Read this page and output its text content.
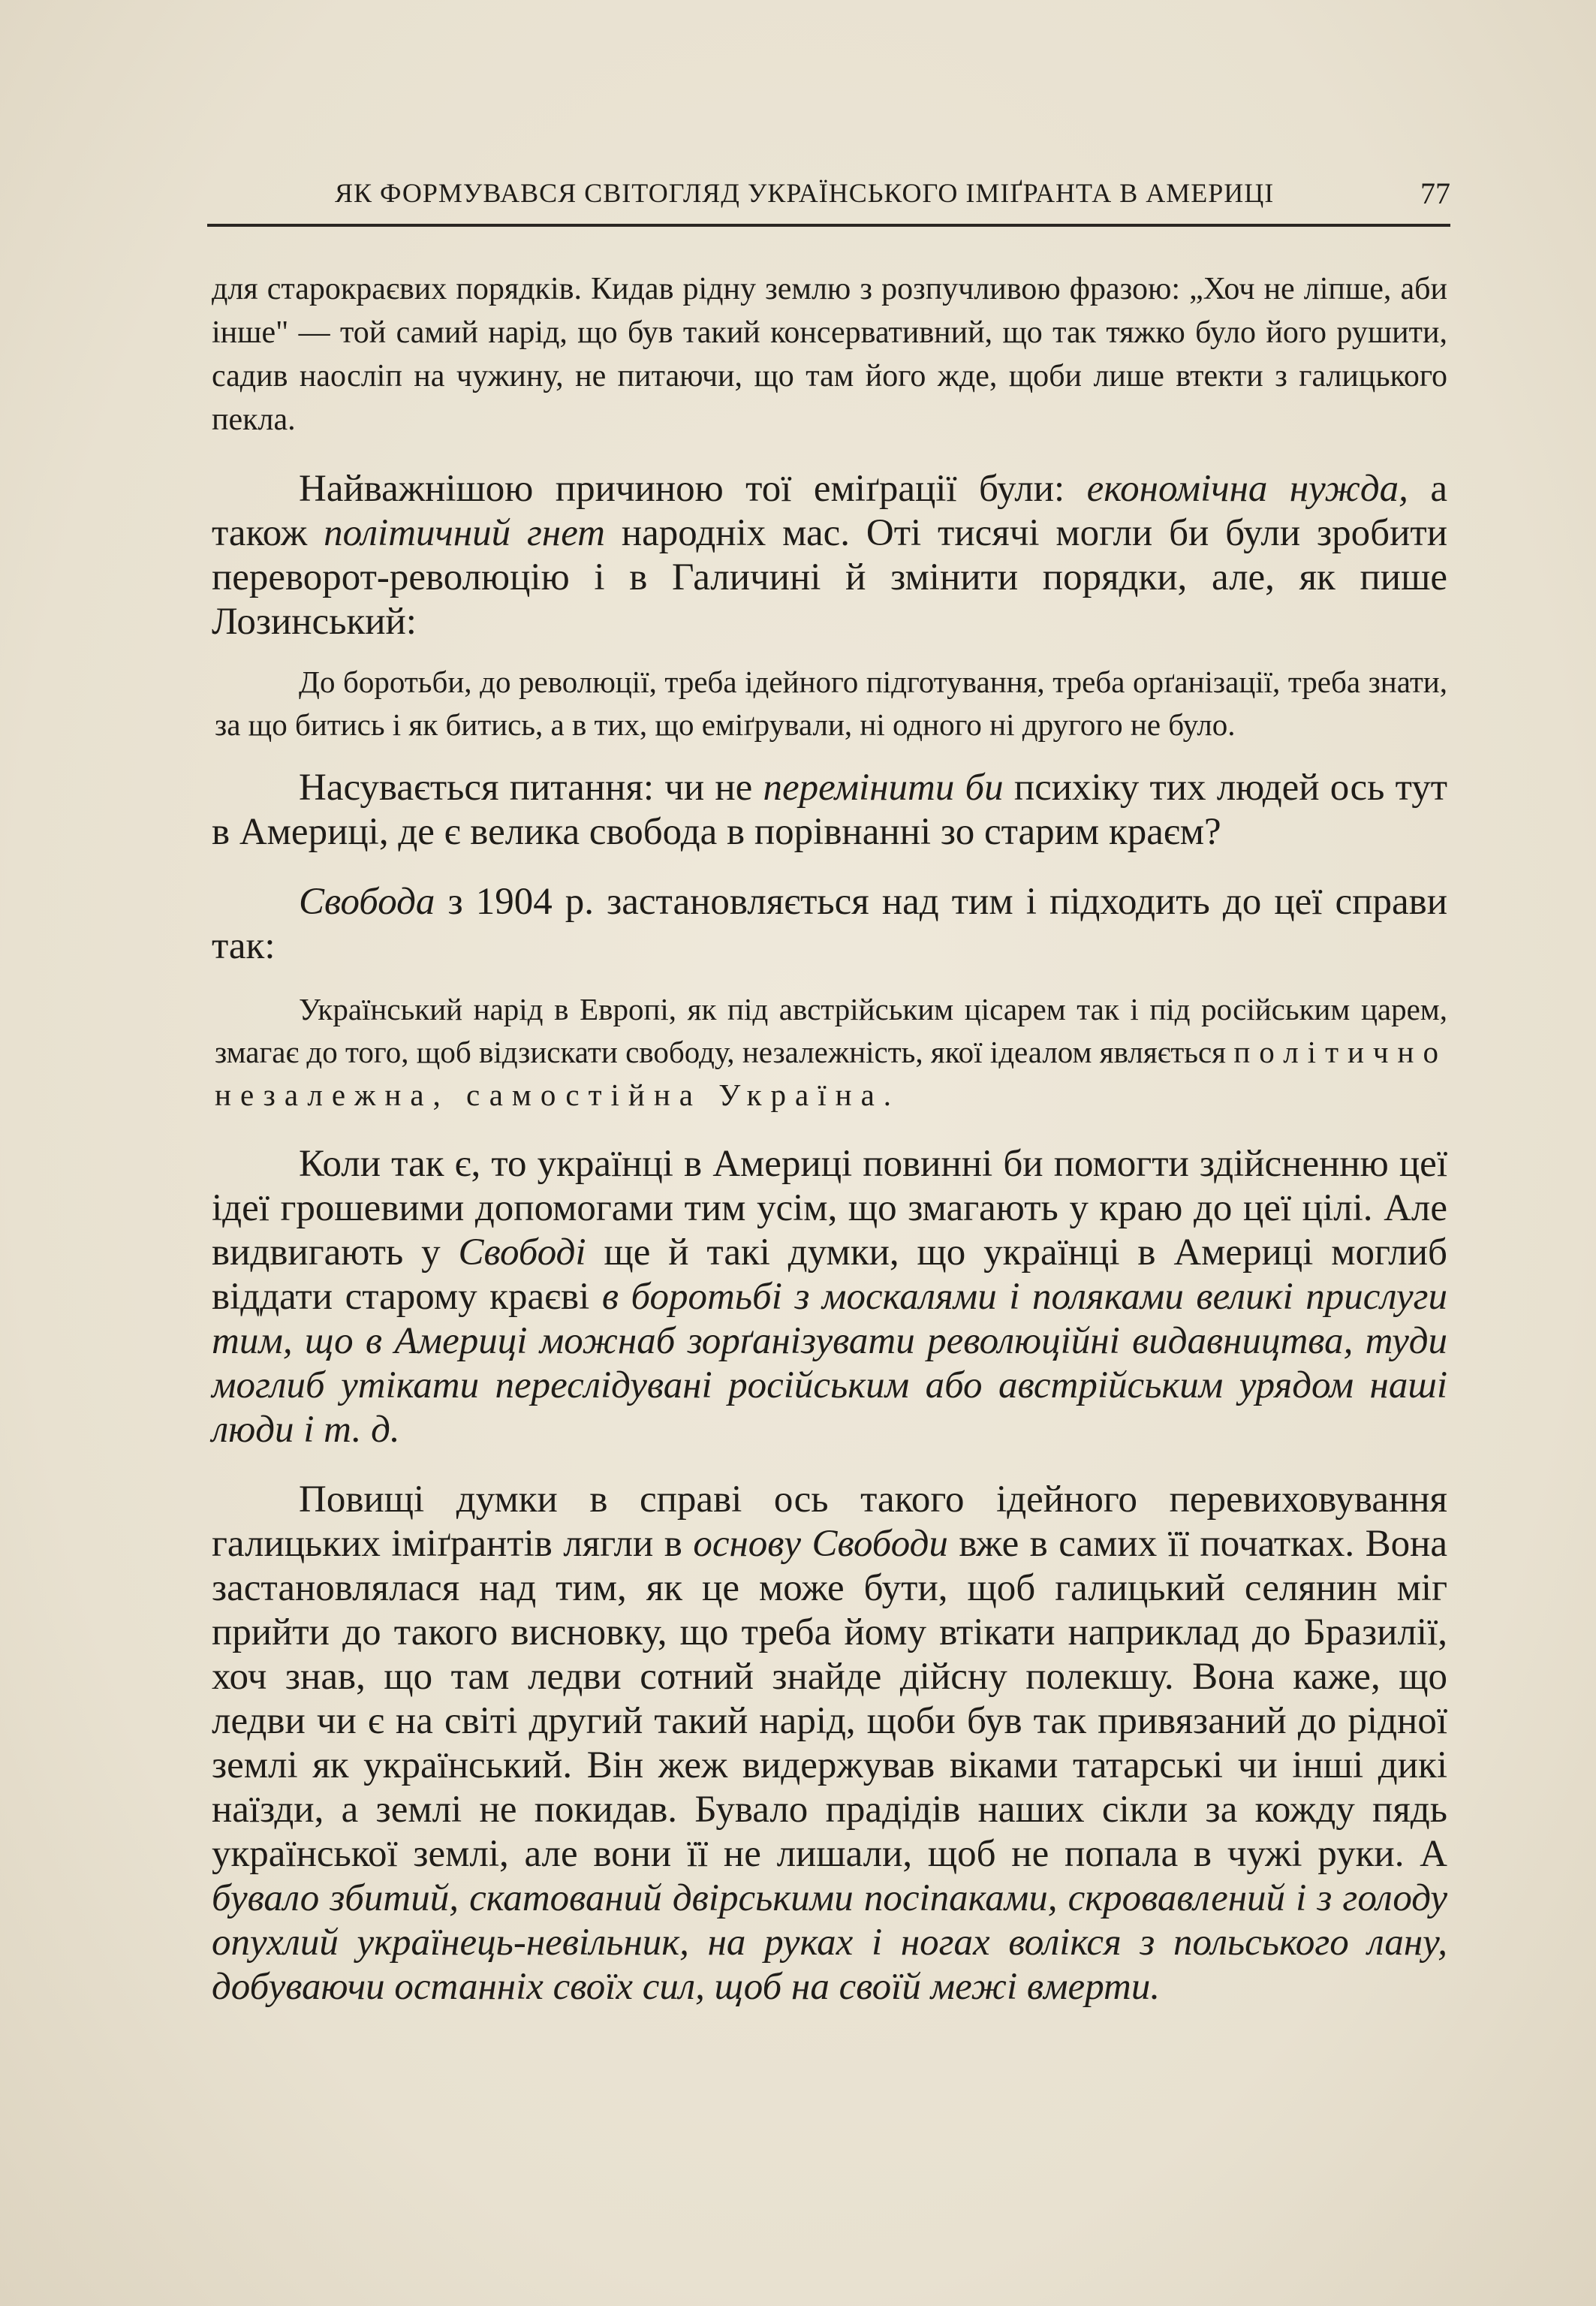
ЯК ФОРМУВАВСЯ СВІТОГЛЯД УКРАЇНСЬКОГО ІМІҐРАНТА В АМЕРИЦІ	77

для старокраєвих порядків. Кидав рідну землю з розпучливою фразою: „Хоч не ліпше, аби інше" — той самий нарід, що був такий консервативний, що так тяжко було його рушити, садив наосліп на чужину, не питаючи, що там його жде, щоби лише втекти з галицького пекла.

Найважнішою причиною тої еміґрації були: економічна нужда, а також політичний гнет народніх мас. Оті тисячі могли би були зробити переворот-революцію і в Галичині й змінити порядки, але, як пише Лозинський:

До боротьби, до революції, треба ідейного підготування, треба орґанізації, треба знати, за що битись і як битись, а в тих, що еміґрували, ні одного ні другого не було.

Насувається питання: чи не перемінити би психіку тих людей ось тут в Америці, де є велика свобода в порівнанні зо старим краєм?

Свобода з 1904 р. застановляється над тим і підходить до цеї справи так:

Український нарід в Европі, як під австрійським цісарем так і під російським царем, змагає до того, щоб відзискати свободу, незалежність, якої ідеалом являється політично незалежна, самостійна Україна.

Коли так є, то українці в Америці повинні би помогти здійсненню цеї ідеї грошевими допомогами тим усім, що змагають у краю до цеї цілі. Але видвигають у Свободі ще й такі думки, що українці в Америці моглиб віддати старому краєві в боротьбі з москалями і поляками великі прислуги тим, що в Америці можнаб зорґанізувати революційні видавництва, туди моглиб утікати переслідувані російським або австрійським урядом наші люди і т. д.

Повищі думки в справі ось такого ідейного перевиховування галицьких іміґрантів лягли в основу Свободи вже в самих її початках. Вона застановлялася над тим, як це може бути, щоб галицький селянин міг прийти до такого висновку, що треба йому втікати наприклад до Бразилії, хоч знав, що там ледви сотний знайде дійсну полекшу. Вона каже, що ледви чи є на світі другий такий нарід, щоби був так привязаний до рідної землі як український. Він жеж видержував віками татарські чи інші дикі наїзди, а землі не покидав. Бувало прадідів наших сікли за кожду пядь української землі, але вони її не лишали, щоб не попала в чужі руки. А бувало збитий, скатований двірськими посіпаками, скровавлений і з голоду опухлий українець-невільник, на руках і ногах волікся з польського лану, добуваючи останніх своїх сил, щоб на своїй межі вмерти.
